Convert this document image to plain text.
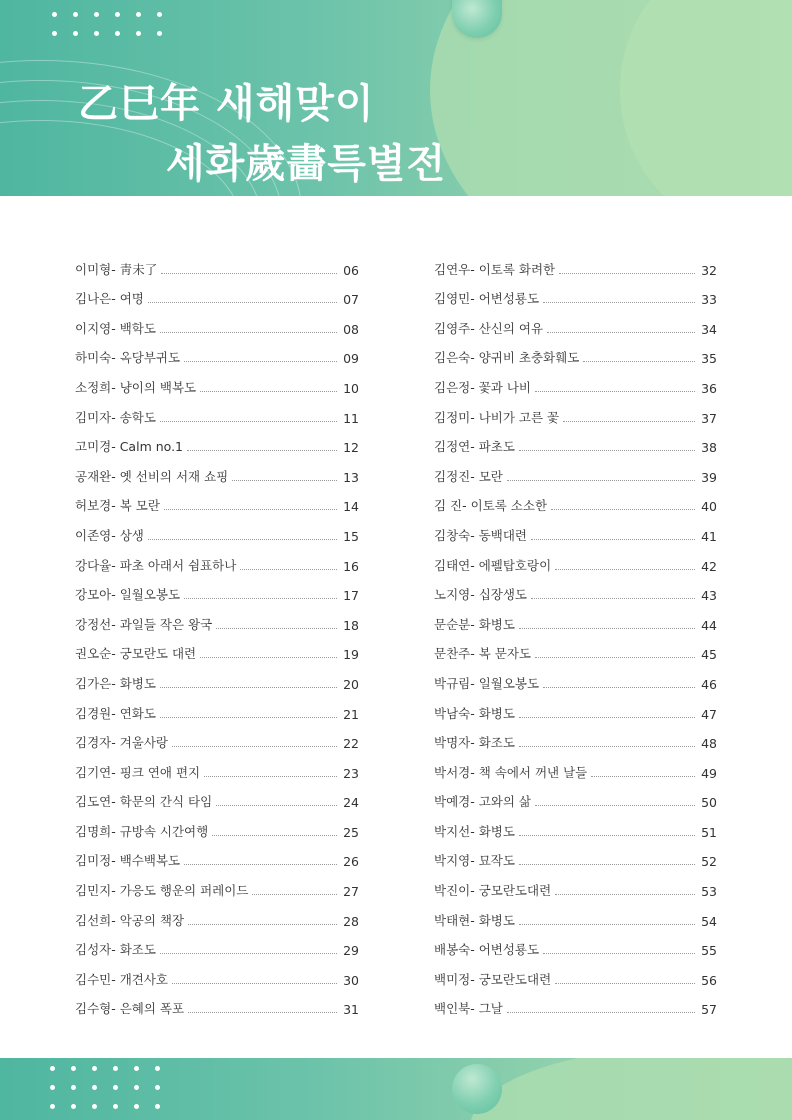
乙巳年 새해맞이
세화歲畵특별전
이미형- 靑未了	06
김나은- 여명	07
이지영- 백학도	08
하미숙- 옥당부귀도	09
소정희- 냥이의 백복도	10
김미자- 송학도	11
고미경- Calm no.1	12
공재완- 옛 선비의 서재 쇼핑	13
허보경- 복 모란	14
이존영- 상생	15
강다율- 파초 아래서 쉼표하나	16
강모아- 일월오봉도	17
강정선- 과일들 작은 왕국	18
권오순- 궁모란도 대련	19
김가은- 화병도	20
김경원- 연화도	21
김경자- 겨울사랑	22
김기연- 핑크 연애 편지	23
김도연- 학문의 간식 타임	24
김명희- 규방속 시간여행	25
김미정- 백수백복도	26
김민지- 가응도 행운의 퍼레이드	27
김선희- 악공의 책장	28
김성자- 화조도	29
김수민- 개견사호	30
김수형- 은혜의 폭포	31
김연우- 이토록 화려한	32
김영민- 어변성룡도	33
김영주- 산신의 여유	34
김은숙- 양귀비 초충화훼도	35
김은정- 꽃과 나비	36
김정미- 나비가 고른 꽃	37
김정연- 파초도	38
김정진- 모란	39
김 진- 이토록 소소한	40
김창숙- 동백대련	41
김태연- 에펠탑호랑이	42
노지영- 십장생도	43
문순분- 화병도	44
문찬주- 복 문자도	45
박규림- 일월오봉도	46
박남숙- 화병도	47
박명자- 화조도	48
박서경- 책 속에서 꺼낸 날들	49
박예경- 고와의 삶	50
박지선- 화병도	51
박지영- 묘작도	52
박진이- 궁모란도대련	53
박태현- 화병도	54
배봉숙- 어변성룡도	55
백미정- 궁모란도대련	56
백인북- 그날	57
